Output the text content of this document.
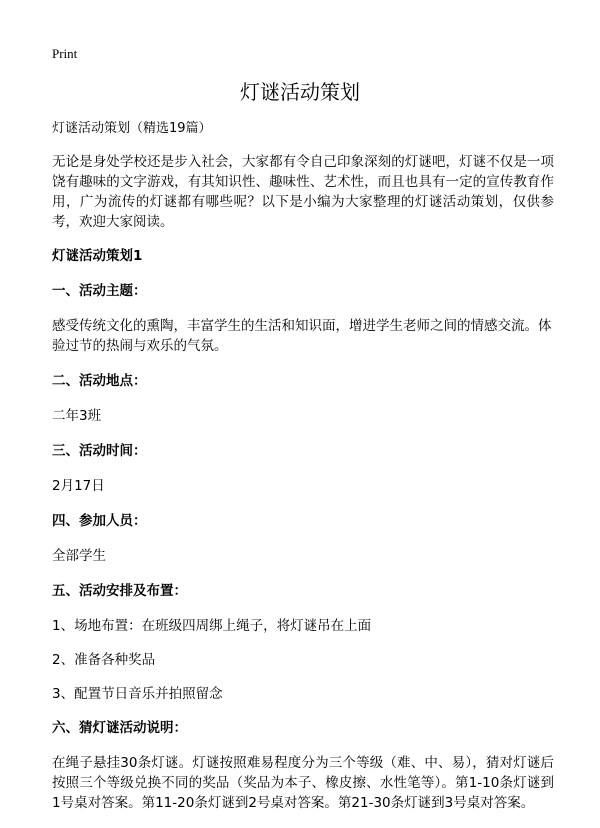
Print
灯谜活动策划

灯谜活动策划（精选19篇）

无论是身处学校还是步入社会，大家都有令自己印象深刻的灯谜吧，灯谜不仅是一项饶有趣味的文字游戏，有其知识性、趣味性、艺术性，而且也具有一定的宣传教育作用，广为流传的灯谜都有哪些呢？以下是小编为大家整理的灯谜活动策划，仅供参考，欢迎大家阅读。

灯谜活动策划1

一、活动主题：

感受传统文化的熏陶，丰富学生的生活和知识面，增进学生老师之间的情感交流。体验过节的热闹与欢乐的气氛。

二、活动地点：

二年3班

三、活动时间：

2月17日

四、参加人员：

全部学生

五、活动安排及布置：

1、场地布置：在班级四周绑上绳子，将灯谜吊在上面

2、准备各种奖品

3、配置节日音乐并拍照留念

六、猜灯谜活动说明：

在绳子悬挂30条灯谜。灯谜按照难易程度分为三个等级（难、中、易），猜对灯谜后按照三个等级兑换不同的奖品（奖品为本子、橡皮擦、水性笔等）。第1-10条灯谜到1号桌对答案。第11-20条灯谜到2号桌对答案。第21-30条灯谜到3号桌对答案。
